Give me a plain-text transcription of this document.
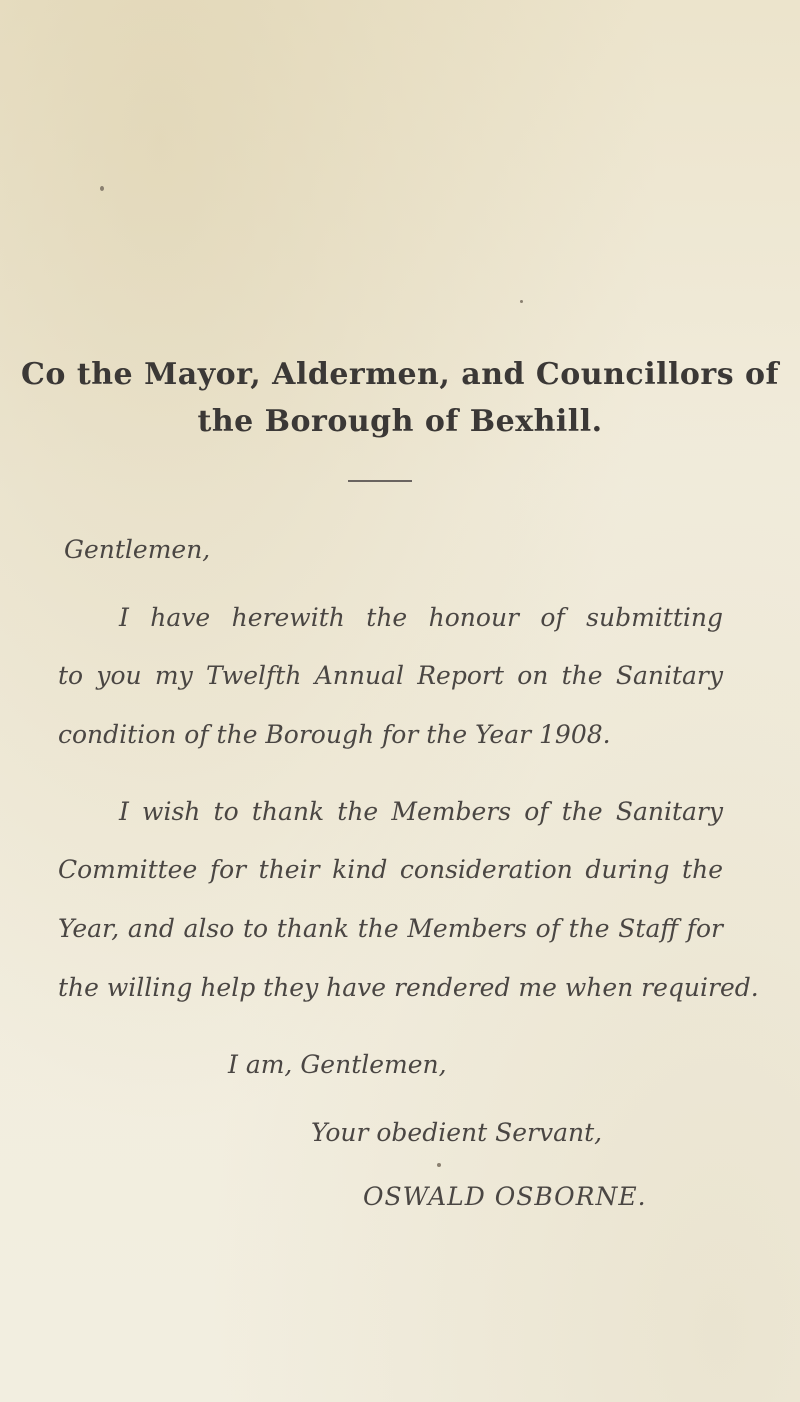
Co the Mayor, Aldermen, and Councillors of
the Borough of Bexhill.
Gentlemen,
I have herewith the honour of submitting
to you my Twelfth Annual Report on the Sanitary
condition of the Borough for the Year 1908.
I wish to thank the Members of the Sanitary
Committee for their kind consideration during the
Year, and also to thank the Members of the Staff for
the willing help they have rendered me when required.
I am, Gentlemen,
Your obedient Servant,
OSWALD OSBORNE.
